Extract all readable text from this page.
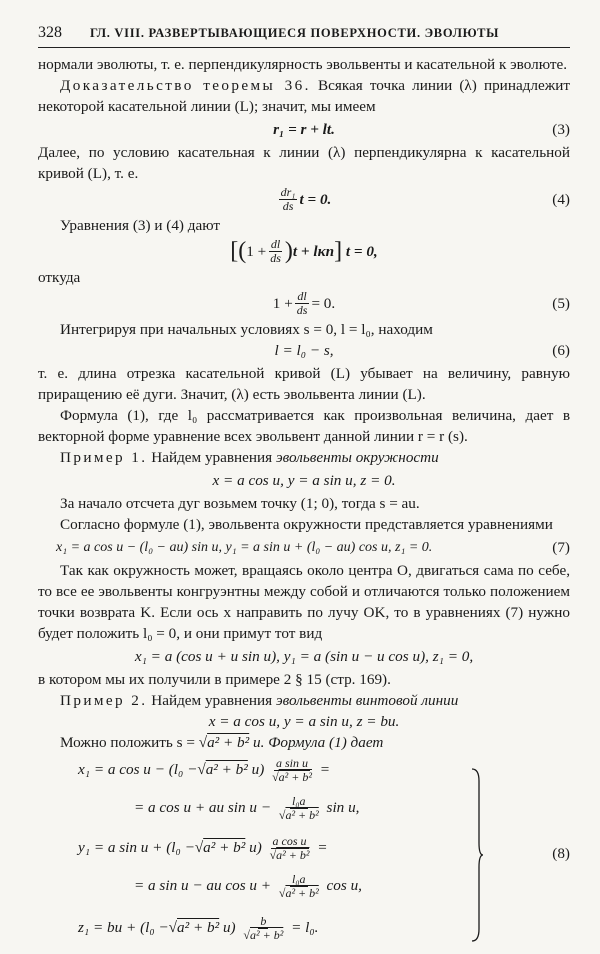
328	ГЛ. VIII. РАЗВЕРТЫВАЮЩИЕСЯ ПОВЕРХНОСТИ. ЭВОЛЮТЫ

нормали эволюты, т. е. перпендикулярность эвольвенты и касательной к эволюте.

Доказательство теоремы 36. Всякая точка линии (λ) принадлежит некоторой касательной линии (L); значит, мы имеем

r₁ = r + lt.	(3)

Далее, по условию касательная к линии (λ) перпендикулярна к касательной кривой (L), т. е.

$\frac{\text{dr₁}}{ds}$ t = 0.	(4)

Уравнения (3) и (4) дают

[( $1 + \frac{dl}{ds}$ ) t + lκn ]
t = 0,

откуда

$1 + \frac{dl}{ds} = 0$.	(5)

Интегрируя при начальных условиях s = 0, l = l₀, находим

l = l₀ − s,	(6)

т. е. длина отрезка касательной кривой (L) убывает на величину, равную приращению её дуги. Значит, (λ) есть эвольвента линии (L).

Формула (1), где l₀ рассматривается как произвольная величина, дает в векторной форме уравнение всех эвольвент данной линии r = r (s).

Пример 1. Найдем уравнения эвольвенты окружности

x = a cos u, y = a sin u, z = 0.

За начало отсчета дуг возьмем точку (1; 0), тогда s = au.

Согласно формуле (1), эвольвента окружности представляется уравнениями

x₁ = a cos u − (l₀ − au) sin u, y₁ = a sin u + (l₀ − au) cos u, z₁ = 0.	(7)

Так как окружность может, вращаясь около центра O, двигаться сама по себе, то все ее эвольвенты конгруэнтны между собой и отличаются только положением точки возврата K. Если ось x направить по лучу OK, то в уравнениях (7) нужно будет положить l₀ = 0, и они примут тот вид

x₁ = a (cos u + u sin u), y₁ = a (sin u − u cos u), z₁ = 0,

в котором мы их получили в примере 2 § 15 (стр. 169).

Пример 2. Найдем уравнения эвольвенты винтовой линии

x = a cos u, y = a sin u, z = bu.

Можно положить s = √a² + b² u. Формула (1) дает

x₁ = a cos u − (l₀ −√a² + b² $u) \frac{\text{a sin u}}{\text{√a² + b²}}$ =
= a cos u + au $\sin u - \frac{\text{l₀a}}{\text{√a² + b²}}$ sin u,
y₁ = a sin u + (l₀ −√a² + b² $u) \frac{\text{a cos u}}{\text{√a² + b²}}$ =
= a sin u − au $\cos u + \frac{\text{l₀a}}{\text{√a² + b²}}$ cos u,
z₁ = bu + (l₀ −√a² + b² $u) \frac{b}{\text{√a² + b²}} = l_0$.
(8)
